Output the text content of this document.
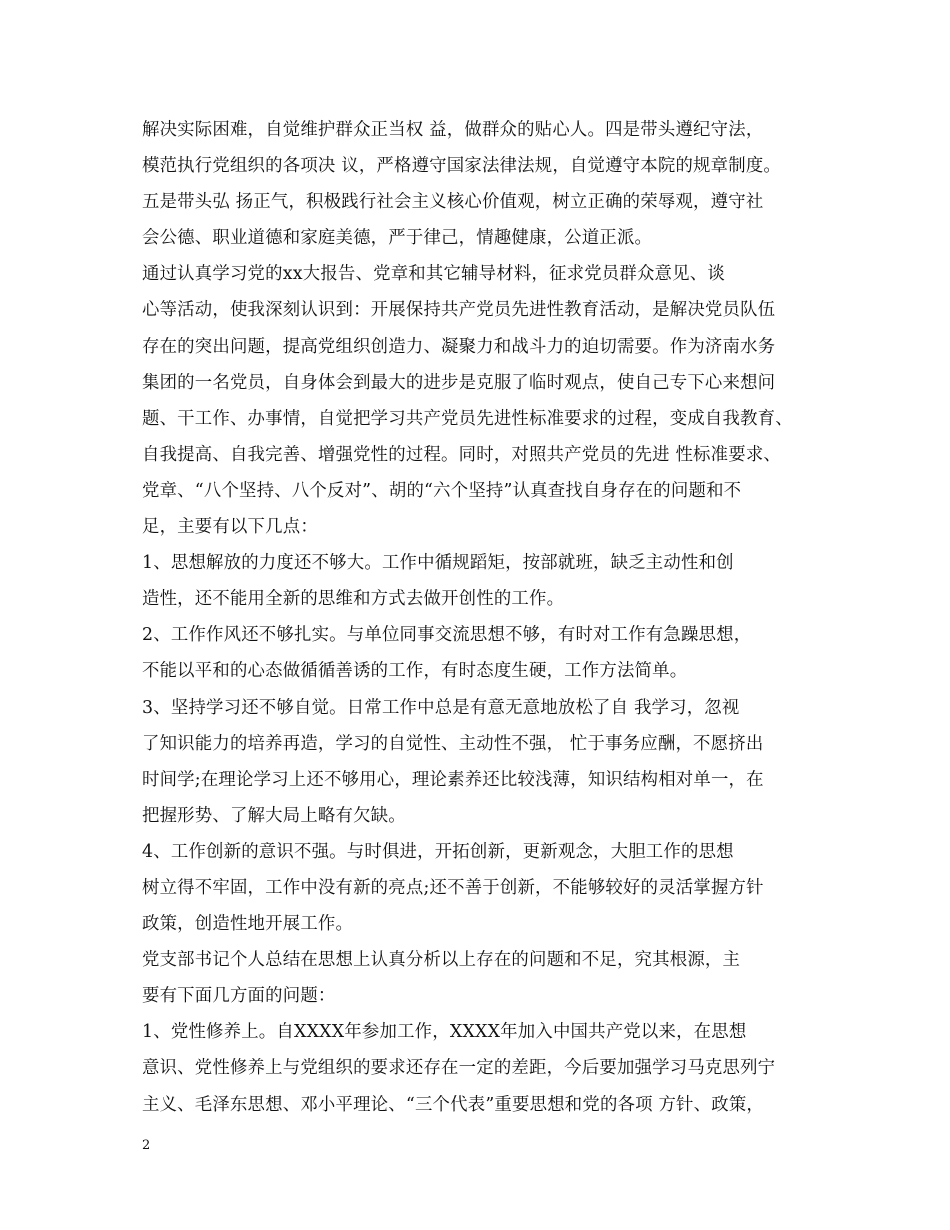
解决实际困难，自觉维护群众正当权 益，做群众的贴心人。四是带头遵纪守法，
模范执行党组织的各项决 议，严格遵守国家法律法规，自觉遵守本院的规章制度。
五是带头弘 扬正气，积极践行社会主义核心价值观，树立正确的荣辱观，遵守社
会公德、职业道德和家庭美德，严于律己，情趣健康，公道正派。
通过认真学习党的xx大报告、党章和其它辅导材料，征求党员群众意见、谈
心等活动，使我深刻认识到：开展保持共产党员先进性教育活动，是解决党员队伍
存在的突出问题，提高党组织创造力、凝聚力和战斗力的迫切需要。作为济南水务
集团的一名党员，自身体会到最大的进步是克服了临时观点，使自己专下心来想问
题、干工作、办事情，自觉把学习共产党员先进性标准要求的过程，变成自我教育、
自我提高、自我完善、增强党性的过程。同时，对照共产党员的先进 性标准要求、
党章、“八个坚持、八个反对”、胡的“六个坚持”认真查找自身存在的问题和不
足，主要有以下几点：
1、思想解放的力度还不够大。工作中循规蹈矩，按部就班，缺乏主动性和创
造性，还不能用全新的思维和方式去做开创性的工作。
2、工作作风还不够扎实。与单位同事交流思想不够，有时对工作有急躁思想，
不能以平和的心态做循循善诱的工作，有时态度生硬，工作方法简单。
3、坚持学习还不够自觉。日常工作中总是有意无意地放松了自 我学习，忽视
了知识能力的培养再造，学习的自觉性、主动性不强， 忙于事务应酬，不愿挤出
时间学;在理论学习上还不够用心，理论素养还比较浅薄，知识结构相对单一，在
把握形势、了解大局上略有欠缺。
4、工作创新的意识不强。与时俱进，开拓创新，更新观念，大胆工作的思想
树立得不牢固，工作中没有新的亮点;还不善于创新，不能够较好的灵活掌握方针
政策，创造性地开展工作。
党支部书记个人总结在思想上认真分析以上存在的问题和不足，究其根源，主
要有下面几方面的问题：
1、党性修养上。自XXXX年参加工作，XXXX年加入中国共产党以来，在思想
意识、党性修养上与党组织的要求还存在一定的差距，今后要加强学习马克思列宁
主义、毛泽东思想、邓小平理论、“三个代表”重要思想和党的各项 方针、政策，
2
